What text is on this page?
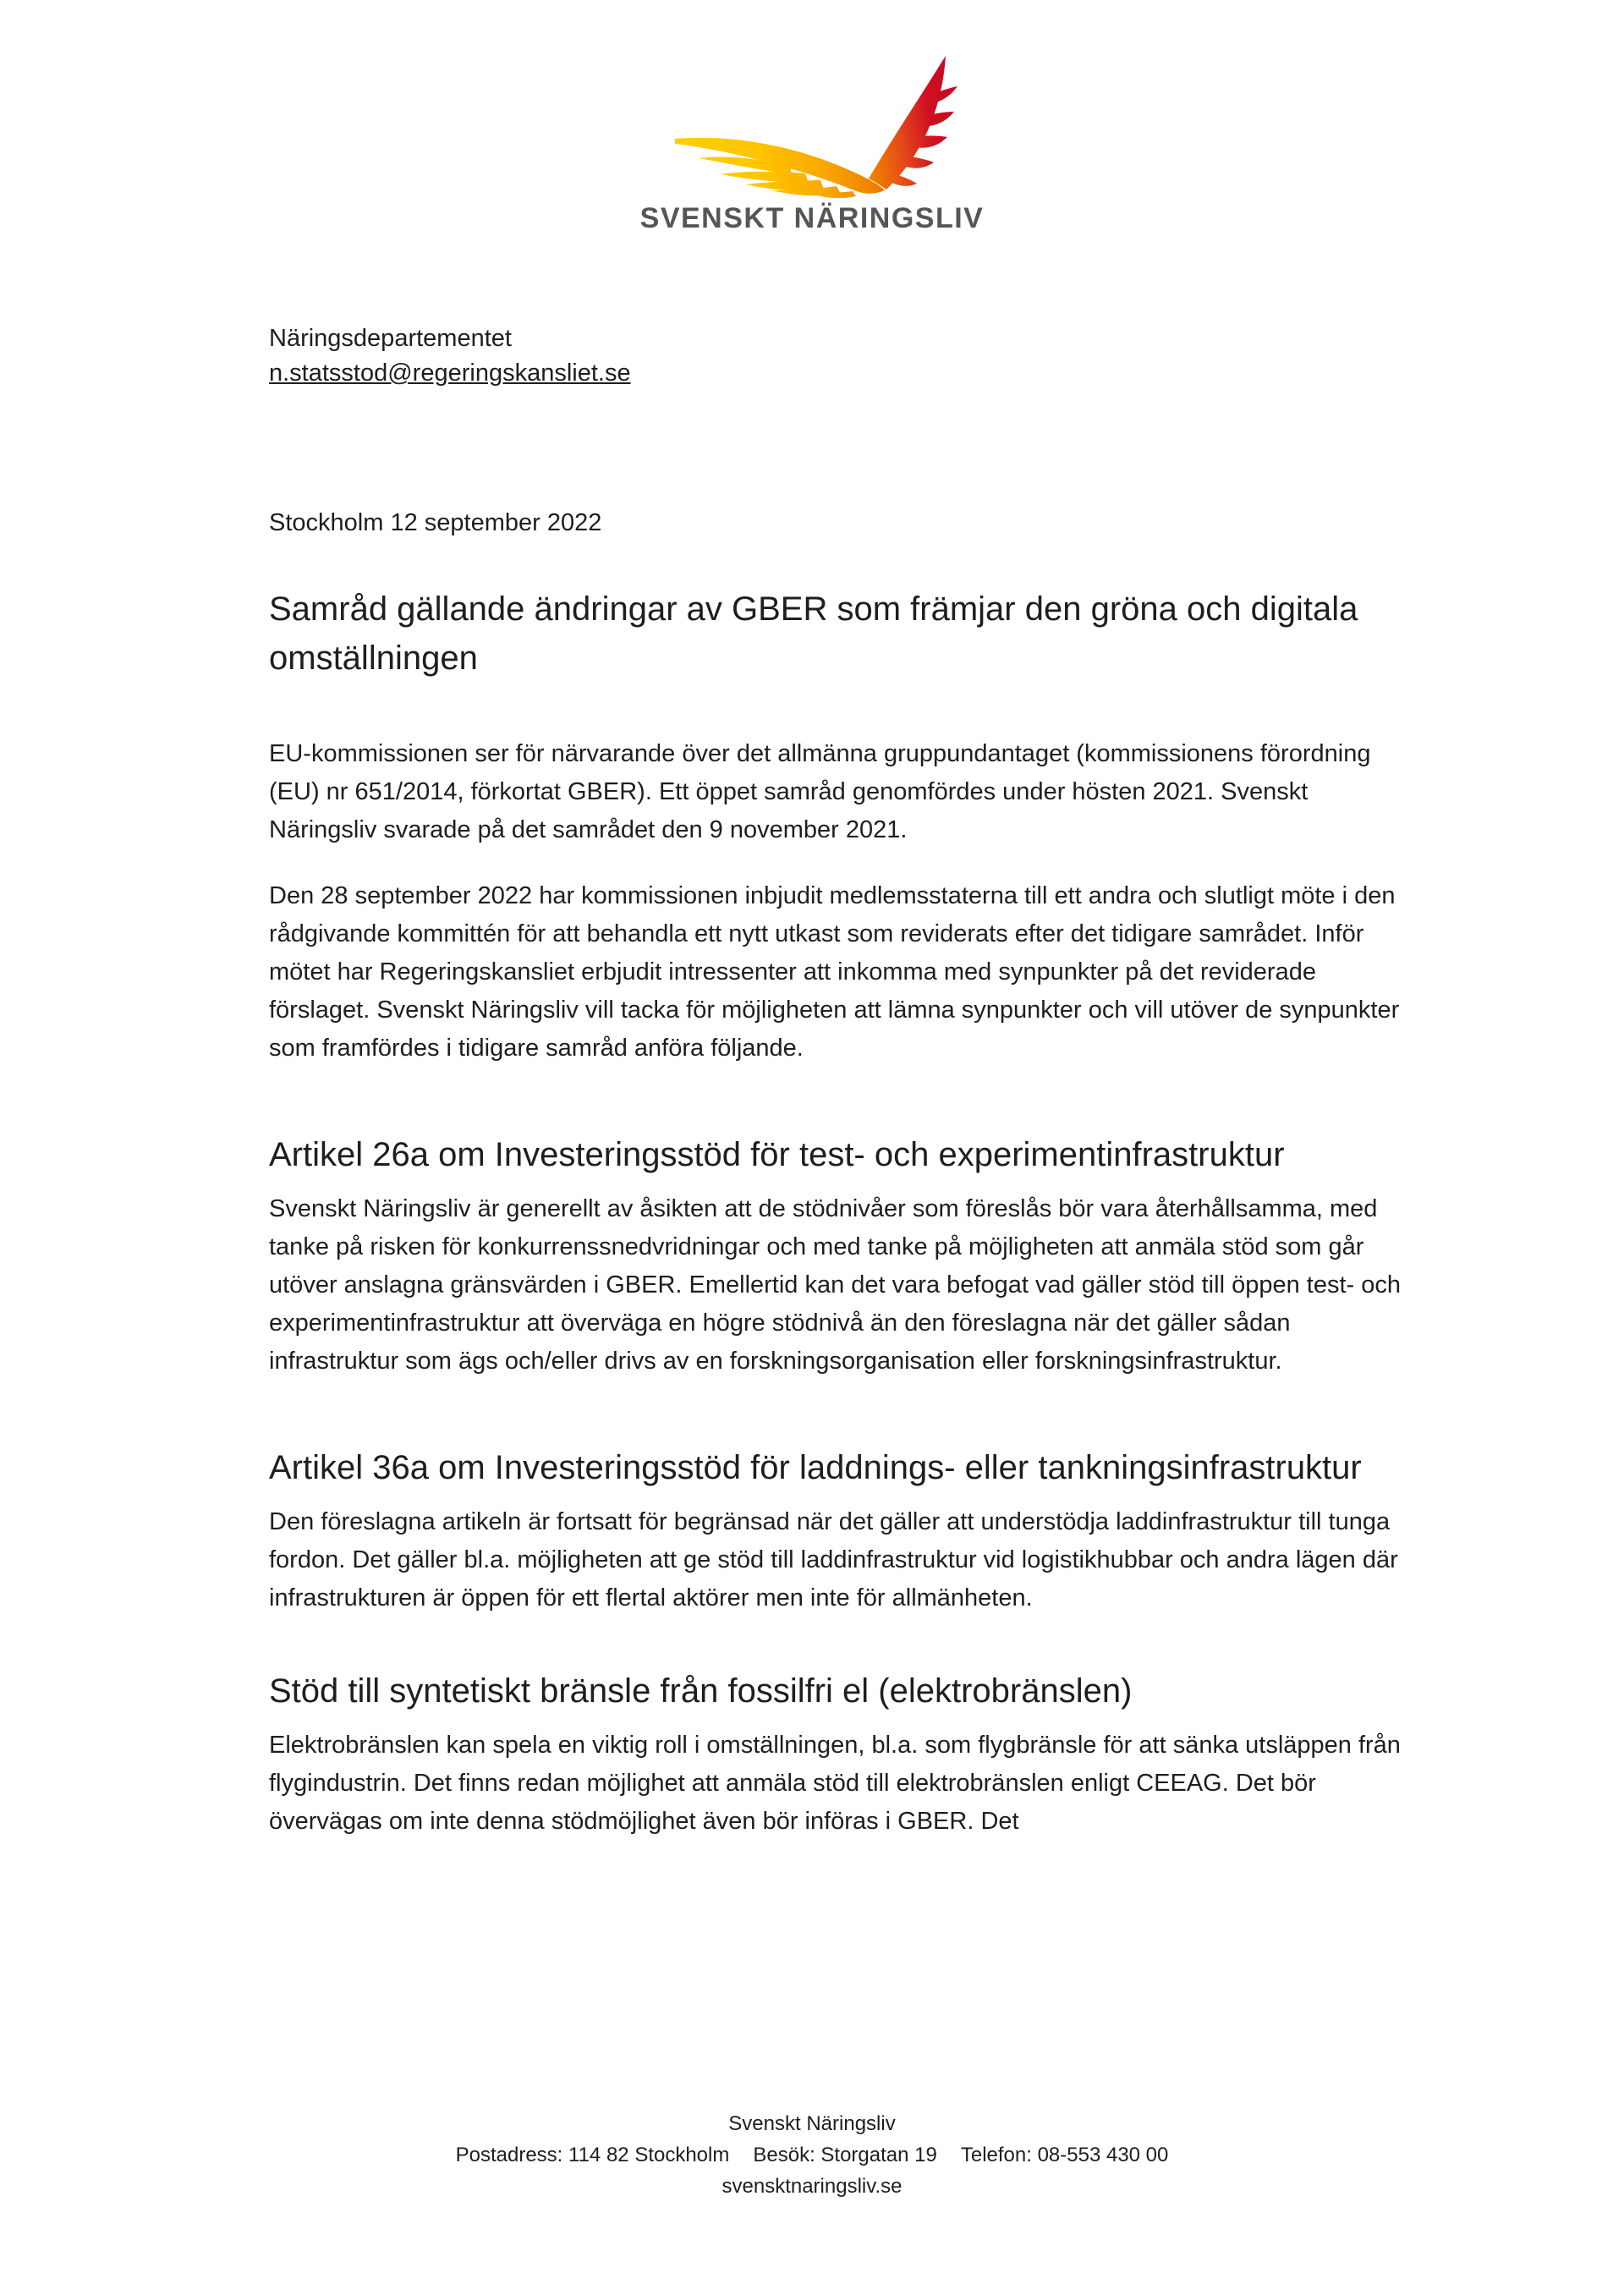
SVENSKT NÄRINGSLIV
Näringsdepartementet
n.statsstod@regeringskansliet.se
Stockholm 12 september 2022
Samråd gällande ändringar av GBER som främjar den gröna och digitala omställningen

EU-kommissionen ser för närvarande över det allmänna gruppundantaget (kommissionens förordning (EU) nr 651/2014, förkortat GBER). Ett öppet samråd genomfördes under hösten 2021. Svenskt Näringsliv svarade på det samrådet den 9 november 2021.

Den 28 september 2022 har kommissionen inbjudit medlemsstaterna till ett andra och slutligt möte i den rådgivande kommittén för att behandla ett nytt utkast som reviderats efter det tidigare samrådet. Inför mötet har Regeringskansliet erbjudit intressenter att inkomma med synpunkter på det reviderade förslaget. Svenskt Näringsliv vill tacka för möjligheten att lämna synpunkter och vill utöver de synpunkter som framfördes i tidigare samråd anföra följande.

Artikel 26a om Investeringsstöd för test- och experimentinfrastruktur

Svenskt Näringsliv är generellt av åsikten att de stödnivåer som föreslås bör vara återhållsamma, med tanke på risken för konkurrenssnedvridningar och med tanke på möjligheten att anmäla stöd som går utöver anslagna gränsvärden i GBER. Emellertid kan det vara befogat vad gäller stöd till öppen test- och experimentinfrastruktur att överväga en högre stödnivå än den föreslagna när det gäller sådan infrastruktur som ägs och/eller drivs av en forskningsorganisation eller forskningsinfrastruktur.

Artikel 36a om Investeringsstöd för laddnings- eller tankningsinfrastruktur

Den föreslagna artikeln är fortsatt för begränsad när det gäller att understödja laddinfrastruktur till tunga fordon. Det gäller bl.a. möjligheten att ge stöd till laddinfrastruktur vid logistikhubbar och andra lägen där infrastrukturen är öppen för ett flertal aktörer men inte för allmänheten.

Stöd till syntetiskt bränsle från fossilfri el (elektrobränslen)

Elektrobränslen kan spela en viktig roll i omställningen, bl.a. som flygbränsle för att sänka utsläppen från flygindustrin. Det finns redan möjlighet att anmäla stöd till elektrobränslen enligt CEEAG. Det bör övervägas om inte denna stödmöjlighet även bör införas i GBER. Det

Svenskt Näringsliv
Postadress: 114 82 Stockholm Besök: Storgatan 19 Telefon: 08-553 430 00
svensktnaringsliv.se
